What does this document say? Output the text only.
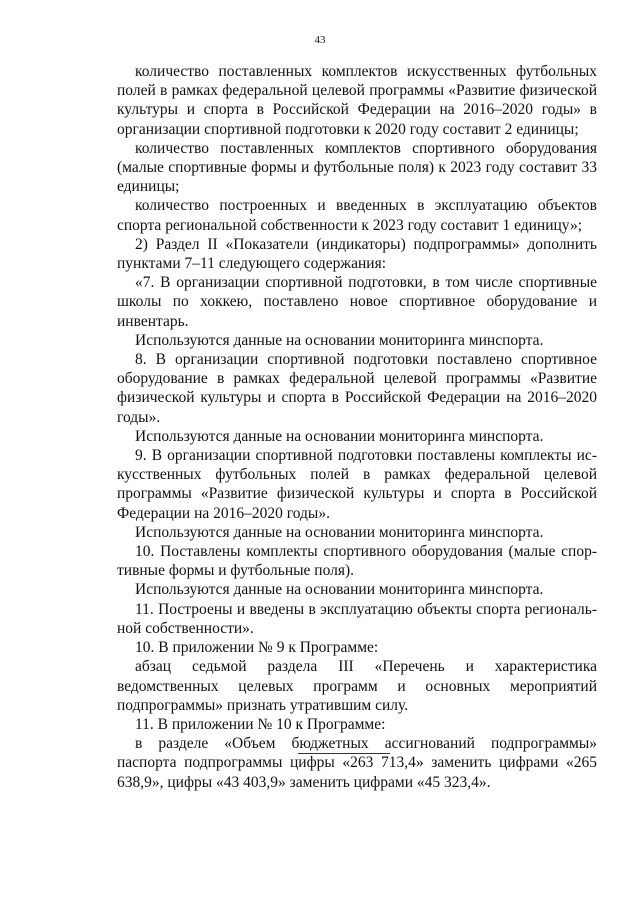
43

количество поставленных комплектов искусственных футбольных полей в рамках федеральной целевой программы «Развитие физической культуры и спорта в Российской Федерации на 2016–2020 годы» в организации спортивной подготовки к 2020 году составит 2 единицы;

количество поставленных комплектов спортивного оборудования (малые спортивные формы и футбольные поля) к 2023 году составит 33 единицы;

количество построенных и введенных в эксплуатацию объектов спорта региональной собственности к 2023 году составит 1 единицу»;

2) Раздел II «Показатели (индикаторы) подпрограммы» дополнить пунктами 7–11 следующего содержания:

«7. В организации спортивной подготовки, в том числе спортивные школы по хоккею, поставлено новое спортивное оборудование и инвентарь.

Используются данные на основании мониторинга минспорта.

8. В организации спортивной подготовки поставлено спортивное оборудование в рамках федеральной целевой программы «Развитие физической культуры и спорта в Российской Федерации на 2016–2020 годы».

Используются данные на основании мониторинга минспорта.

9. В организации спортивной подготовки поставлены комплекты искусственных футбольных полей в рамках федеральной целевой программы «Развитие физической культуры и спорта в Российской Федерации на 2016–2020 годы».

Используются данные на основании мониторинга минспорта.

10. Поставлены комплекты спортивного оборудования (малые спортивные формы и футбольные поля).

Используются данные на основании мониторинга минспорта.

11. Построены и введены в эксплуатацию объекты спорта региональной собственности».

10. В приложении № 9 к Программе:

абзац седьмой раздела III «Перечень и характеристика ведомственных целевых программ и основных мероприятий подпрограммы» признать утратившим силу.

11. В приложении № 10 к Программе:

в разделе «Объем бюджетных ассигнований подпрограммы» паспорта подпрограммы цифры «263 713,4» заменить цифрами «265 638,9», цифры «43 403,9» заменить цифрами «45 323,4».
